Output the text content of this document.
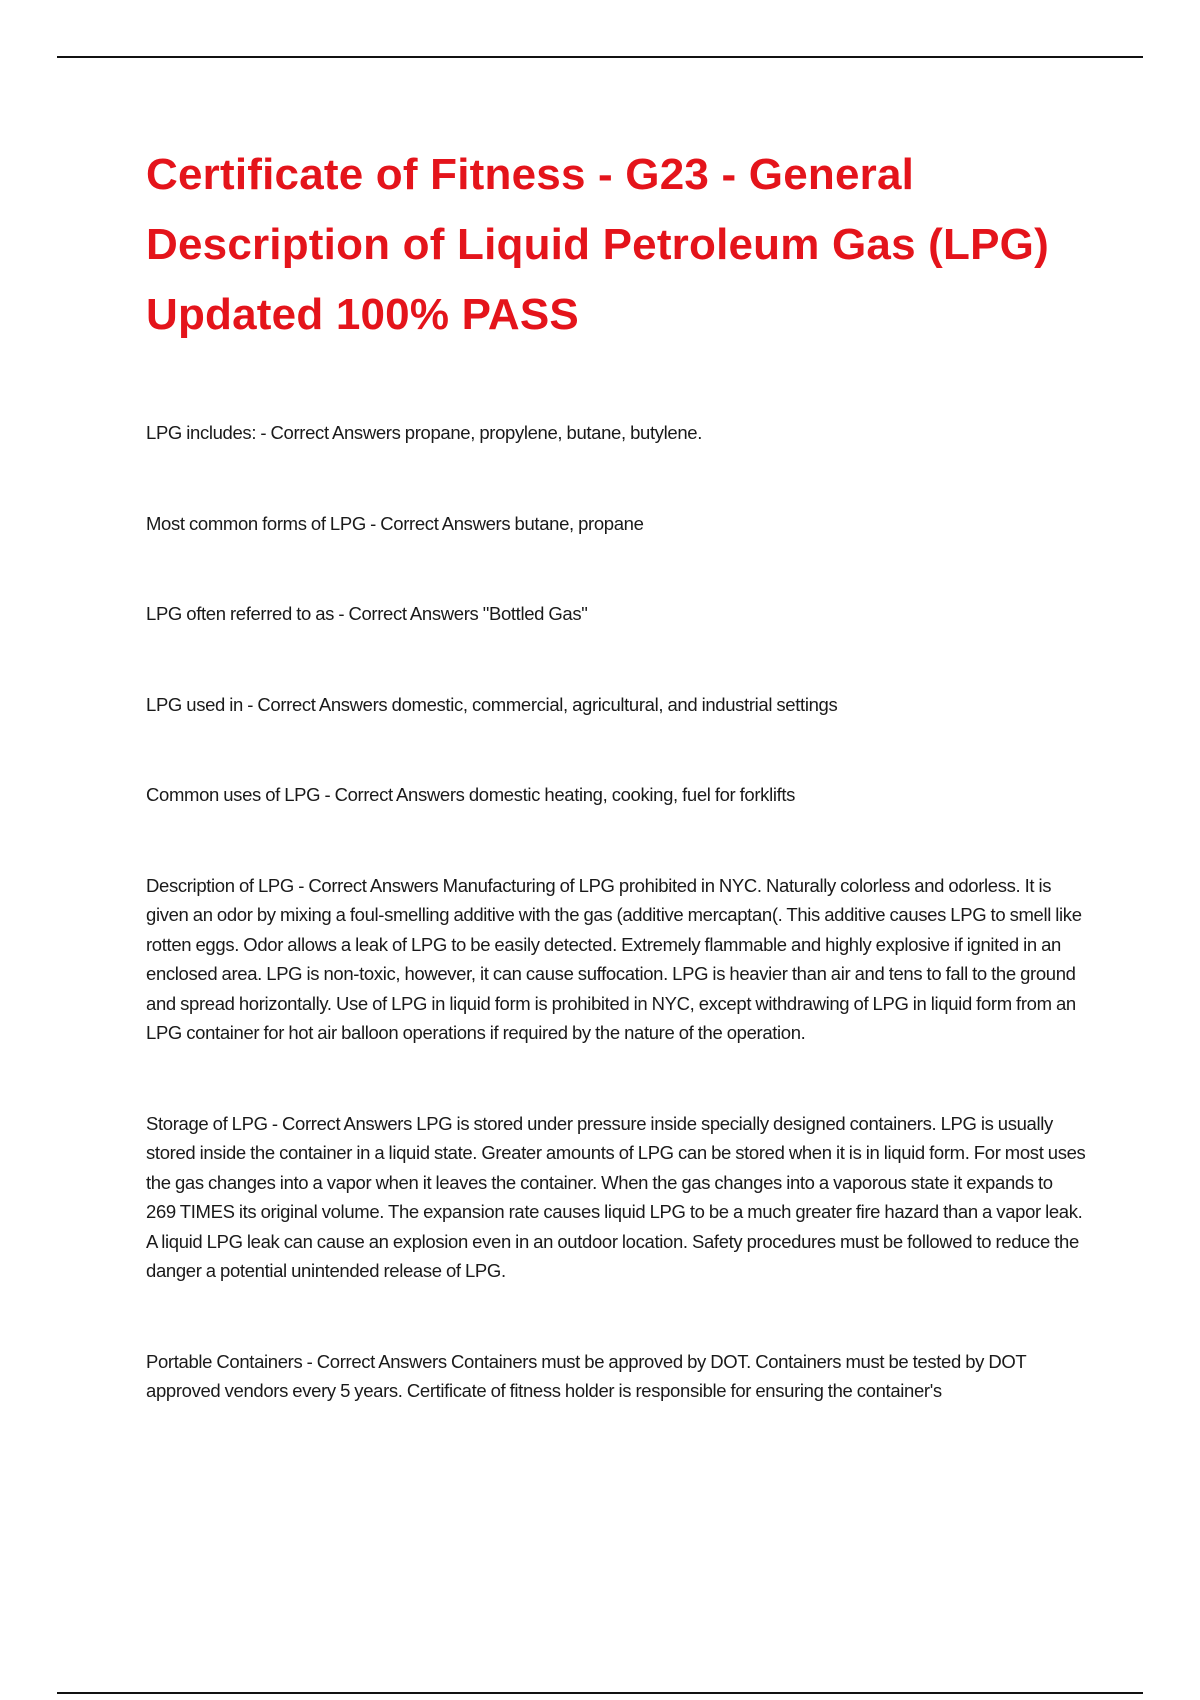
Certificate of Fitness - G23 - General Description of Liquid Petroleum Gas (LPG) Updated 100% PASS

LPG includes: - Correct Answers propane, propylene, butane, butylene.

Most common forms of LPG - Correct Answers butane, propane

LPG often referred to as - Correct Answers "Bottled Gas"

LPG used in - Correct Answers domestic, commercial, agricultural, and industrial settings

Common uses of LPG - Correct Answers domestic heating, cooking, fuel for forklifts

Description of LPG - Correct Answers Manufacturing of LPG prohibited in NYC. Naturally colorless and odorless. It is given an odor by mixing a foul-smelling additive with the gas (additive mercaptan(. This additive causes LPG to smell like rotten eggs. Odor allows a leak of LPG to be easily detected. Extremely flammable and highly explosive if ignited in an enclosed area. LPG is non-toxic, however, it can cause suffocation. LPG is heavier than air and tens to fall to the ground and spread horizontally. Use of LPG in liquid form is prohibited in NYC, except withdrawing of LPG in liquid form from an LPG container for hot air balloon operations if required by the nature of the operation.

Storage of LPG - Correct Answers LPG is stored under pressure inside specially designed containers. LPG is usually stored inside the container in a liquid state. Greater amounts of LPG can be stored when it is in liquid form. For most uses the gas changes into a vapor when it leaves the container. When the gas changes into a vaporous state it expands to 269 TIMES its original volume. The expansion rate causes liquid LPG to be a much greater fire hazard than a vapor leak. A liquid LPG leak can cause an explosion even in an outdoor location. Safety procedures must be followed to reduce the danger a potential unintended release of LPG.

Portable Containers - Correct Answers Containers must be approved by DOT. Containers must be tested by DOT approved vendors every 5 years. Certificate of fitness holder is responsible for ensuring the container's
